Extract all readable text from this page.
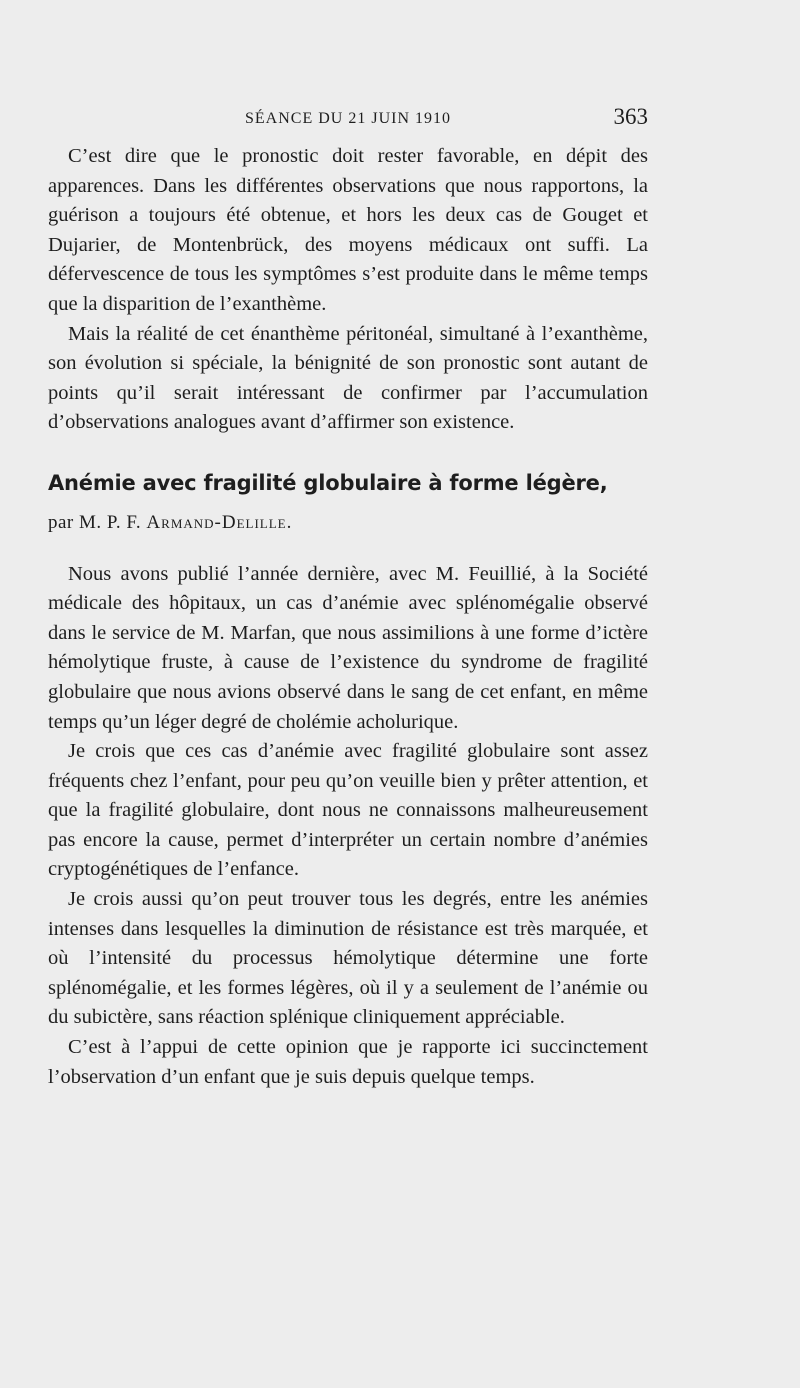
SÉANCE DU 21 JUIN 1910	363

C’est dire que le pronostic doit rester favorable, en dépit des apparences. Dans les différentes observations que nous rapportons, la guérison a toujours été obtenue, et hors les deux cas de Gouget et Dujarier, de Montenbrück, des moyens médicaux ont suffi. La défervescence de tous les symptômes s’est produite dans le même temps que la disparition de l’exanthème.

Mais la réalité de cet énanthème péritonéal, simultané à l’exanthème, son évolution si spéciale, la bénignité de son pronostic sont autant de points qu’il serait intéressant de confirmer par l’accumulation d’observations analogues avant d’affirmer son existence.

Anémie avec fragilité globulaire à forme légère,
par M. P. F. Armand-Delille.

Nous avons publié l’année dernière, avec M. Feuillié, à la Société médicale des hôpitaux, un cas d’anémie avec splénomégalie observé dans le service de M. Marfan, que nous assimilions à une forme d’ictère hémolytique fruste, à cause de l’existence du syndrome de fragilité globulaire que nous avions observé dans le sang de cet enfant, en même temps qu’un léger degré de cholémie acholurique.

Je crois que ces cas d’anémie avec fragilité globulaire sont assez fréquents chez l’enfant, pour peu qu’on veuille bien y prêter attention, et que la fragilité globulaire, dont nous ne connaissons malheureusement pas encore la cause, permet d’interpréter un certain nombre d’anémies cryptogénétiques de l’enfance.

Je crois aussi qu’on peut trouver tous les degrés, entre les anémies intenses dans lesquelles la diminution de résistance est très marquée, et où l’intensité du processus hémolytique détermine une forte splénomégalie, et les formes légères, où il y a seulement de l’anémie ou du subictère, sans réaction splénique cliniquement appréciable.

C’est à l’appui de cette opinion que je rapporte ici succinctement l’observation d’un enfant que je suis depuis quelque temps.
